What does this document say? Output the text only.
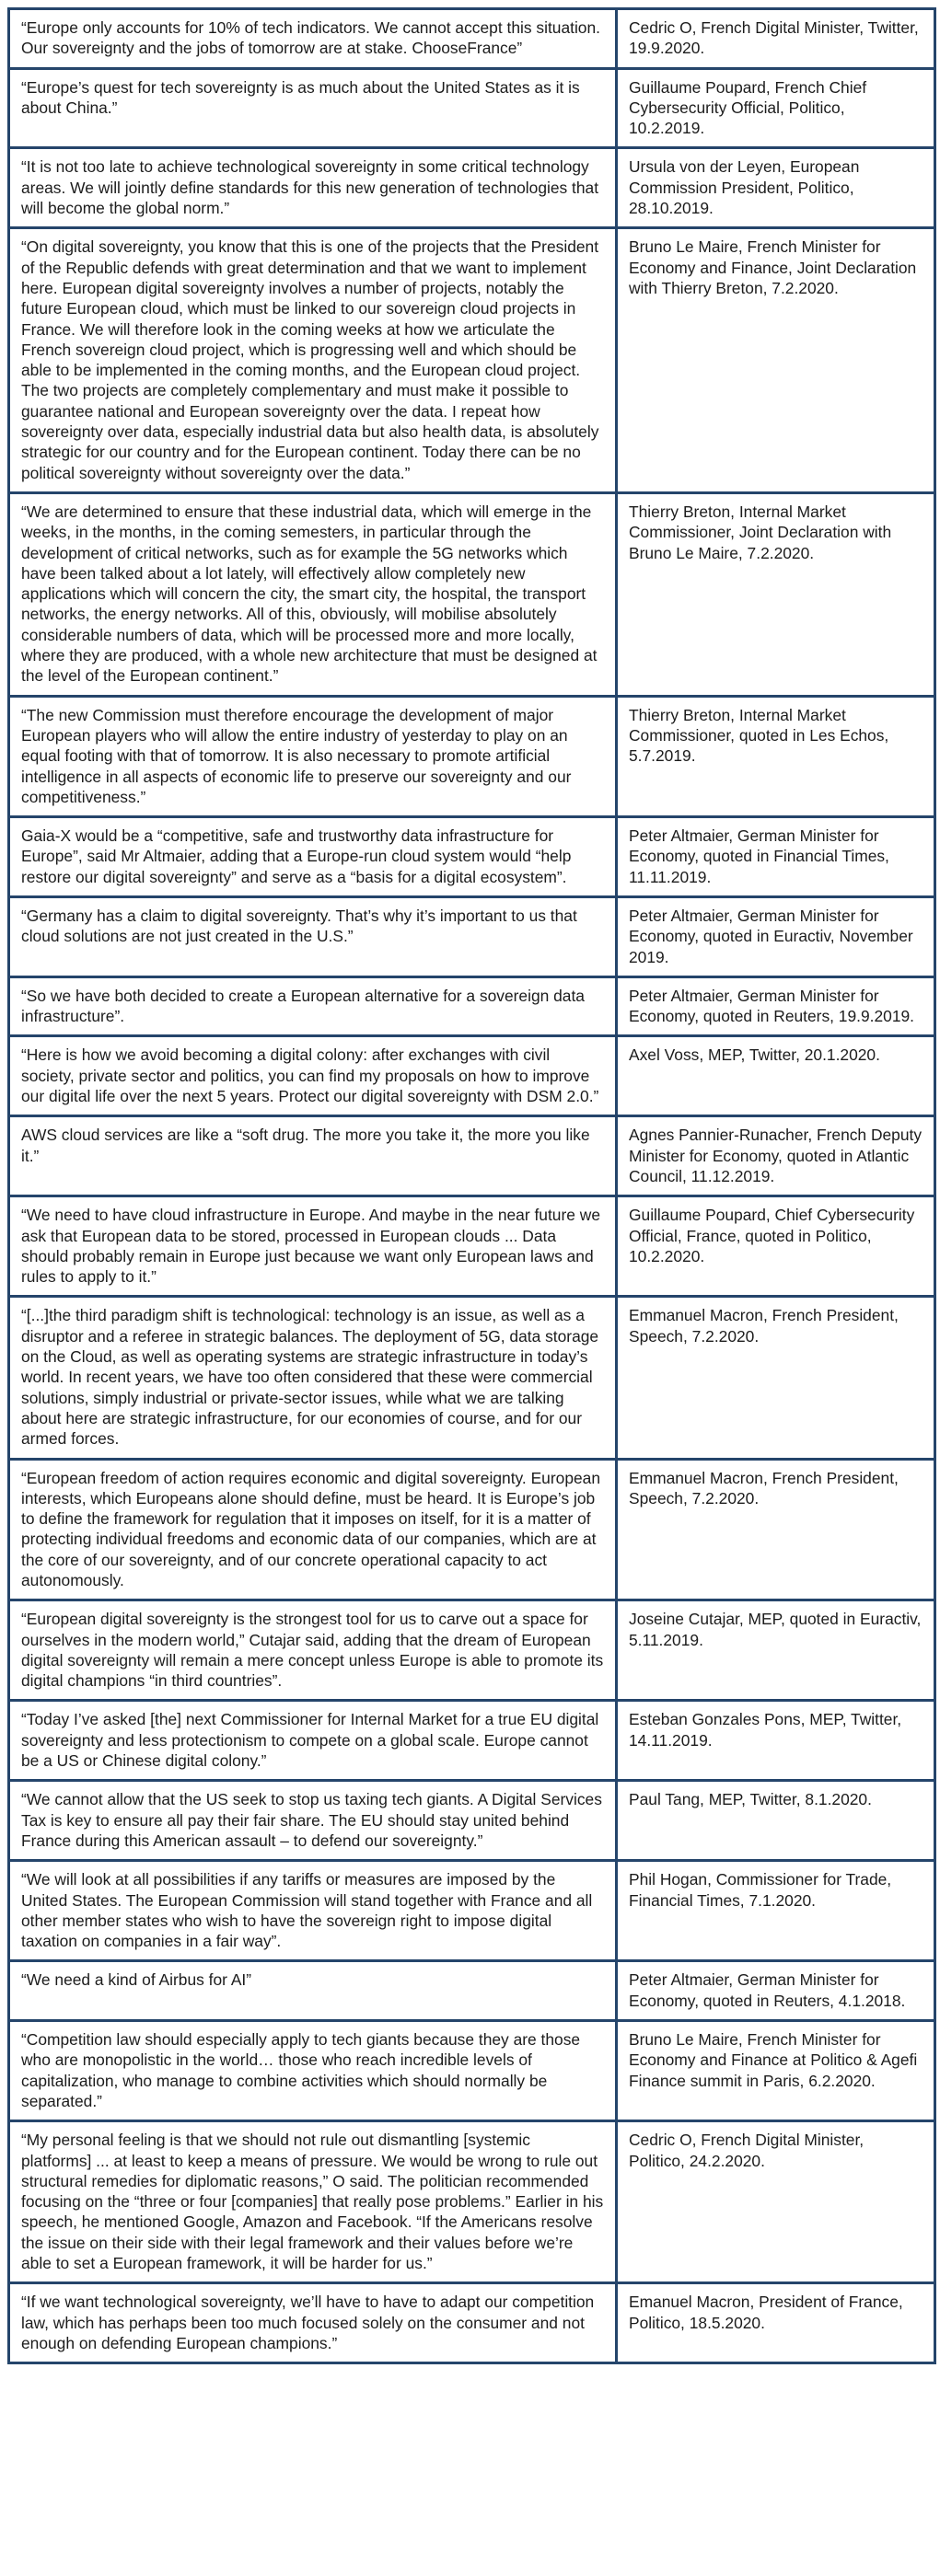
“Europe only accounts for 10% of tech indicators. We cannot accept this situation. Our sovereignty and the jobs of tomorrow are at stake. ChooseFrance”	Cedric O, French Digital Minister, Twitter, 19.9.2020.
“Europe’s quest for tech sovereignty is as much about the United States as it is about China.”	Guillaume Poupard, French Chief Cybersecurity Official, Politico, 10.2.2019.
“It is not too late to achieve technological sovereignty in some critical technology areas. We will jointly define standards for this new generation of technologies that will become the global norm.”	Ursula von der Leyen, European Commission President, Politico, 28.10.2019.
“On digital sovereignty, you know that this is one of the projects that the President of the Republic defends with great determination and that we want to implement here. European digital sovereignty involves a number of projects, notably the future European cloud, which must be linked to our sovereign cloud projects in France. We will therefore look in the coming weeks at how we articulate the French sovereign cloud project, which is progressing well and which should be able to be implemented in the coming months, and the European cloud project. The two projects are completely complementary and must make it possible to guarantee national and European sovereignty over the data. I repeat how sovereignty over data, especially industrial data but also health data, is absolutely strategic for our country and for the European continent. Today there can be no political sovereignty without sovereignty over the data.”	Bruno Le Maire, French Minister for Economy and Finance, Joint Declaration with Thierry Breton, 7.2.2020.
“We are determined to ensure that these industrial data, which will emerge in the weeks, in the months, in the coming semesters, in particular through the development of critical networks, such as for example the 5G networks which have been talked about a lot lately, will effectively allow completely new applications which will concern the city, the smart city, the hospital, the transport networks, the energy networks. All of this, obviously, will mobilise absolutely considerable numbers of data, which will be processed more and more locally, where they are produced, with a whole new architecture that must be designed at the level of the European continent.”	Thierry Breton, Internal Market Commissioner, Joint Declaration with Bruno Le Maire, 7.2.2020.
“The new Commission must therefore encourage the development of major European players who will allow the entire industry of yesterday to play on an equal footing with that of tomorrow. It is also necessary to promote artificial intelligence in all aspects of economic life to preserve our sovereignty and our competitiveness.”	Thierry Breton, Internal Market Commissioner, quoted in Les Echos, 5.7.2019.
Gaia-X would be a “competitive, safe and trustworthy data infrastructure for Europe”, said Mr Altmaier, adding that a Europe-run cloud system would “help restore our digital sovereignty” and serve as a “basis for a digital ecosystem”.	Peter Altmaier, German Minister for Economy, quoted in Financial Times, 11.11.2019.
“Germany has a claim to digital sovereignty. That’s why it’s important to us that cloud solutions are not just created in the U.S.”	Peter Altmaier, German Minister for Economy, quoted in Euractiv, November 2019.
“So we have both decided to create a European alternative for a sovereign data infrastructure”.	Peter Altmaier, German Minister for Economy, quoted in Reuters, 19.9.2019.
“Here is how we avoid becoming a digital colony: after exchanges with civil society, private sector and politics, you can find my proposals on how to improve our digital life over the next 5 years. Protect our digital sovereignty with DSM 2.0.”	Axel Voss, MEP, Twitter, 20.1.2020.
AWS cloud services are like a “soft drug. The more you take it, the more you like it.”	Agnes Pannier-Runacher, French Deputy Minister for Economy, quoted in Atlantic Council, 11.12.2019.
“We need to have cloud infrastructure in Europe. And maybe in the near future we ask that European data to be stored, processed in European clouds ... Data should probably remain in Europe just because we want only European laws and rules to apply to it.”	Guillaume Poupard, Chief Cybersecurity Official, France, quoted in Politico, 10.2.2020.
“[...]the third paradigm shift is technological: technology is an issue, as well as a disruptor and a referee in strategic balances. The deployment of 5G, data storage on the Cloud, as well as operating systems are strategic infrastructure in today’s world. In recent years, we have too often considered that these were commercial solutions, simply industrial or private-sector issues, while what we are talking about here are strategic infrastructure, for our economies of course, and for our armed forces.	Emmanuel Macron, French President, Speech, 7.2.2020.
“European freedom of action requires economic and digital sovereignty. European interests, which Europeans alone should define, must be heard. It is Europe’s job to define the framework for regulation that it imposes on itself, for it is a matter of protecting individual freedoms and economic data of our companies, which are at the core of our sovereignty, and of our concrete operational capacity to act autonomously.	Emmanuel Macron, French President, Speech, 7.2.2020.
“European digital sovereignty is the strongest tool for us to carve out a space for ourselves in the modern world,” Cutajar said, adding that the dream of European digital sovereignty will remain a mere concept unless Europe is able to promote its digital champions “in third countries”.	Joseine Cutajar, MEP, quoted in Euractiv, 5.11.2019.
“Today I’ve asked [the] next Commissioner for Internal Market for a true EU digital sovereignty and less protectionism to compete on a global scale. Europe cannot be a US or Chinese digital colony.”	Esteban Gonzales Pons, MEP, Twitter, 14.11.2019.
“We cannot allow that the US seek to stop us taxing tech giants. A Digital Services Tax is key to ensure all pay their fair share. The EU should stay united behind France during this American assault – to defend our sovereignty.”	Paul Tang, MEP, Twitter, 8.1.2020.
“We will look at all possibilities if any tariffs or measures are imposed by the United States. The European Commission will stand together with France and all other member states who wish to have the sovereign right to impose digital taxation on companies in a fair way”.	Phil Hogan, Commissioner for Trade, Financial Times, 7.1.2020.
“We need a kind of Airbus for AI”	Peter Altmaier, German Minister for Economy, quoted in Reuters, 4.1.2018.
“Competition law should especially apply to tech giants because they are those who are monopolistic in the world… those who reach incredible levels of capitalization, who manage to combine activities which should normally be separated.”	Bruno Le Maire, French Minister for Economy and Finance at Politico & Agefi Finance summit in Paris, 6.2.2020.
“My personal feeling is that we should not rule out dismantling [systemic platforms] ... at least to keep a means of pressure. We would be wrong to rule out structural remedies for diplomatic reasons,” O said. The politician recommended focusing on the “three or four [companies] that really pose problems.” Earlier in his speech, he mentioned Google, Amazon and Facebook. “If the Americans resolve the issue on their side with their legal framework and their values before we’re able to set a European framework, it will be harder for us.”	Cedric O, French Digital Minister, Politico, 24.2.2020.
“If we want technological sovereignty, we’ll have to have to adapt our competition law, which has perhaps been too much focused solely on the consumer and not enough on defending European champions.”	Emanuel Macron, President of France, Politico, 18.5.2020.
